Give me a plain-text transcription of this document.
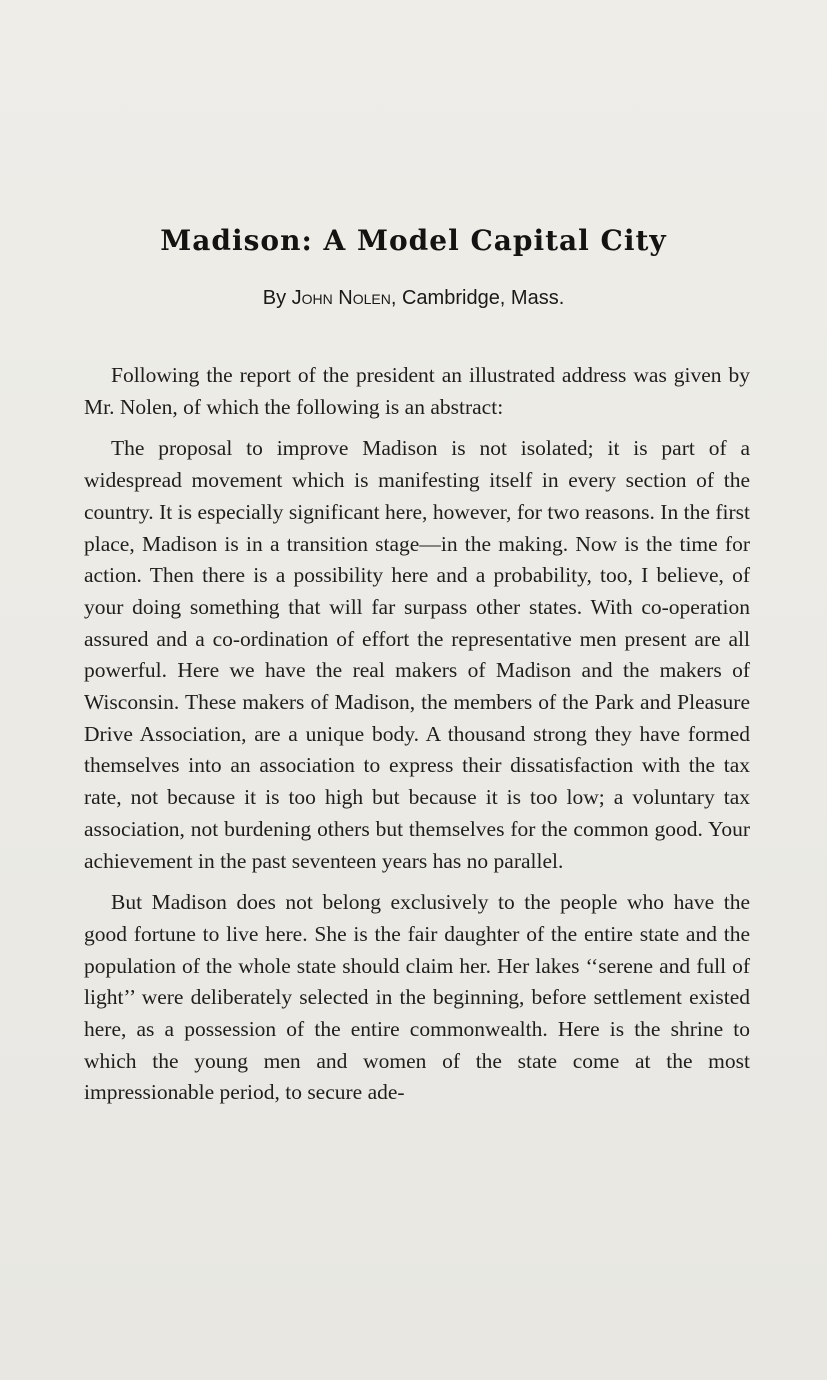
Madison: A Model Capital City

By John Nolen, Cambridge, Mass.

Following the report of the president an illustrated address was given by Mr. Nolen, of which the following is an abstract:

The proposal to improve Madison is not isolated; it is part of a widespread movement which is manifesting itself in every section of the country. It is especially significant here, however, for two reasons. In the first place, Madison is in a transition stage—in the making. Now is the time for action. Then there is a possibility here and a probability, too, I believe, of your doing something that will far surpass other states. With co-operation assured and a co-ordination of effort the representative men present are all powerful. Here we have the real makers of Madison and the makers of Wisconsin. These makers of Madison, the members of the Park and Pleasure Drive Association, are a unique body. A thousand strong they have formed themselves into an association to express their dissatisfaction with the tax rate, not because it is too high but because it is too low; a voluntary tax association, not burdening others but themselves for the common good. Your achievement in the past seventeen years has no parallel.

But Madison does not belong exclusively to the people who have the good fortune to live here. She is the fair daughter of the entire state and the population of the whole state should claim her. Her lakes ‘‘serene and full of light’’ were deliberately selected in the beginning, before settlement existed here, as a possession of the entire commonwealth. Here is the shrine to which the young men and women of the state come at the most impressionable period, to secure ade-
